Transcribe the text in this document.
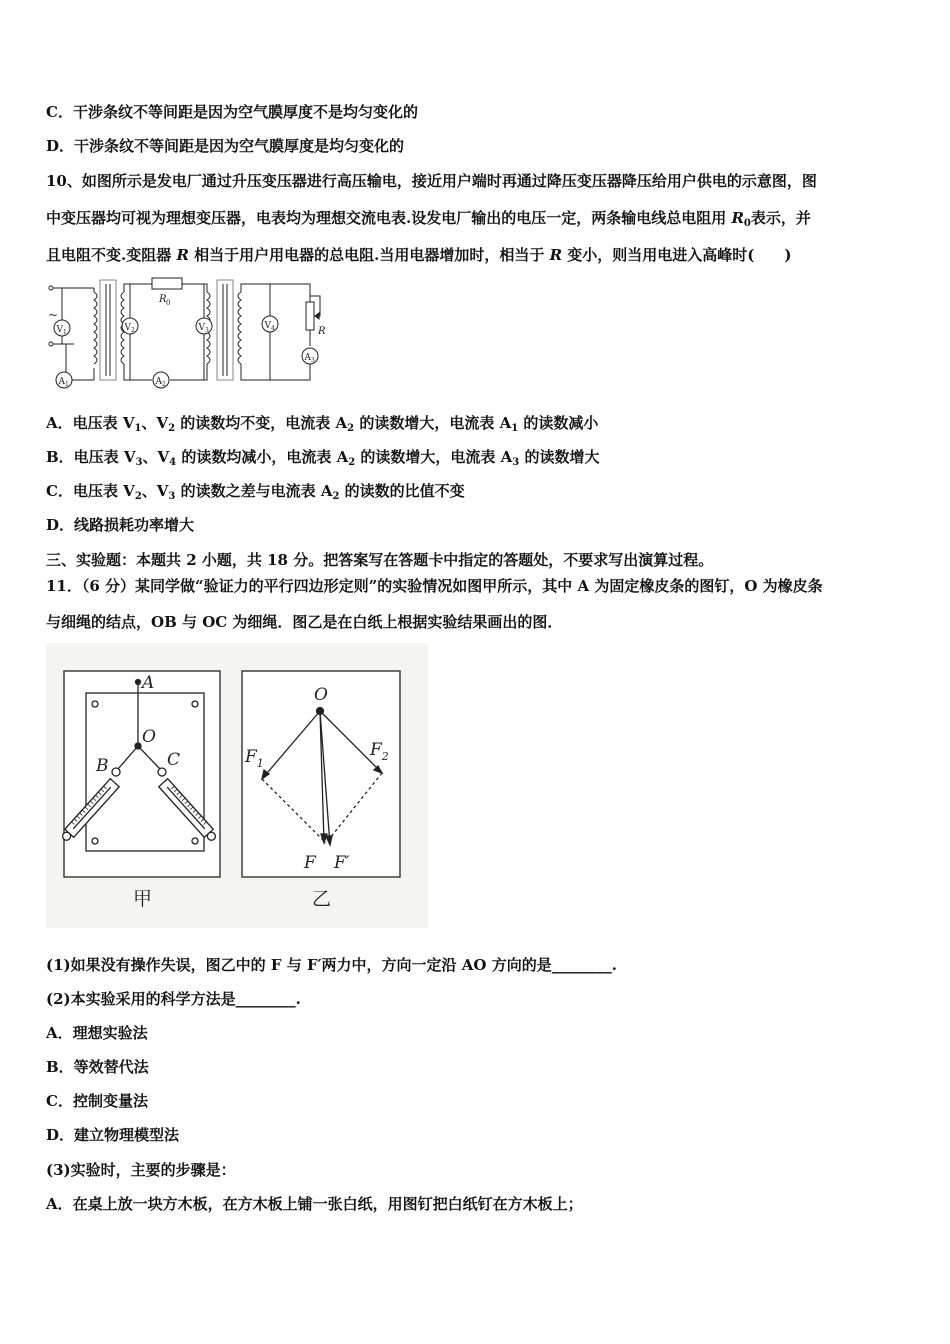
C．干涉条纹不等间距是因为空气膜厚度不是均匀变化的
D．干涉条纹不等间距是因为空气膜厚度是均匀变化的
10、如图所示是发电厂通过升压变压器进行高压输电，接近用户端时再通过降压变压器降压给用户供电的示意图，图
中变压器均可视为理想变压器，电表均为理想交流电表.设发电厂输出的电压一定，两条输电线总电阻用 $R_0$表示，并
且电阻不变.变阻器 R 相当于用户用电器的总电阻.当用电器增加时，相当于 R 变小，则当用电进入高峰时(　　)
~
R 0
R
V 1
A 1
V 2
A 2
V 3	V 4
A 3
A．电压表 $V_1$、$V_2$ 的读数均不变，电流表 $A_2$ 的读数增大，电流表 $A_1$ 的读数减小
B．电压表 $V_3$、$V_4$ 的读数均减小，电流表 $A_2$ 的读数增大，电流表 $A_3$ 的读数增大
C．电压表 $V_2$、$V_3$ 的读数之差与电流表 $A_2$ 的读数的比值不变
D．线路损耗功率增大
三、实验题：本题共 2 小题，共 18 分。把答案写在答题卡中指定的答题处，不要求写出演算过程。
11．（6 分）某同学做“验证力的平行四边形定则”的实验情况如图甲所示，其中 A 为固定橡皮条的图钉，O 为橡皮条
与细绳的结点，OB 与 OC 为细绳．图乙是在白纸上根据实验结果画出的图．
A
O
B	C
甲
O
$F_1$
$F_2$
F F′
乙
(1)如果没有操作失误，图乙中的 F 与 F′两力中，方向一定沿 AO 方向的是________.
(2)本实验采用的科学方法是________.
A．理想实验法
B．等效替代法
C．控制变量法
D．建立物理模型法
(3)实验时，主要的步骤是：
A．在桌上放一块方木板，在方木板上铺一张白纸，用图钉把白纸钉在方木板上；
